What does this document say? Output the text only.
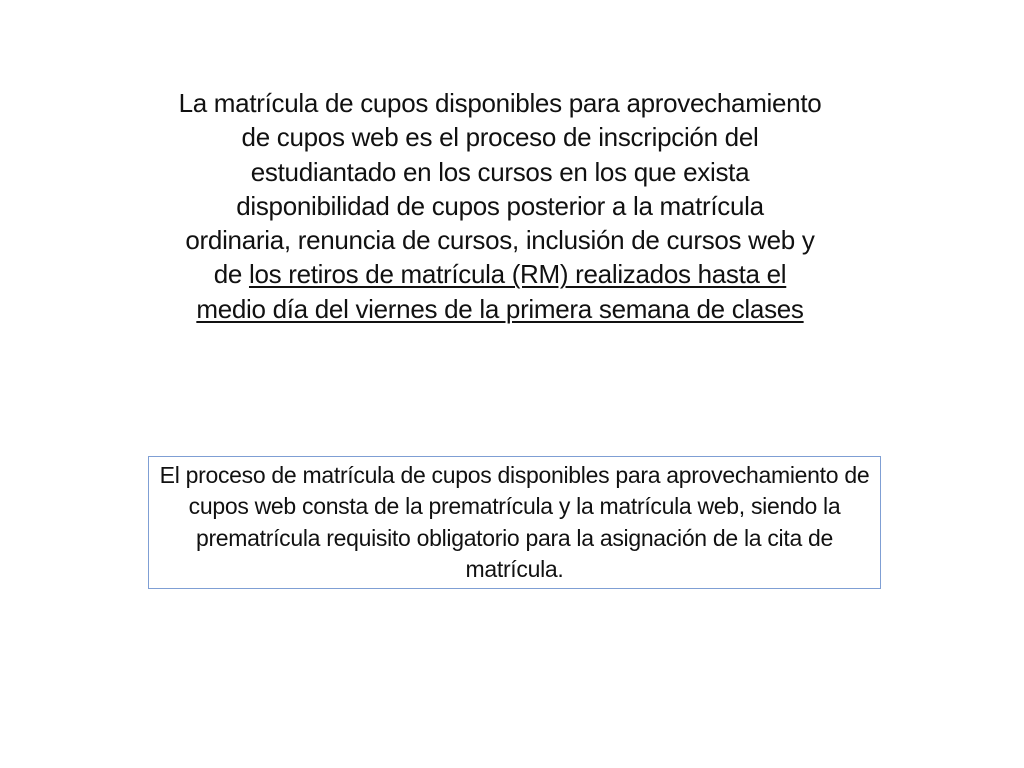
La matrícula de cupos disponibles para aprovechamiento
de cupos web es el proceso de inscripción del
estudiantado en los cursos en los que exista
disponibilidad de cupos posterior a la matrícula
ordinaria, renuncia de cursos, inclusión de cursos web y
de los retiros de matrícula (RM) realizados hasta el
medio día del viernes de la primera semana de clases

El proceso de matrícula de cupos disponibles para aprovechamiento de cupos web consta de la prematrícula y la matrícula web, siendo la prematrícula requisito obligatorio para la asignación de la cita de matrícula.
